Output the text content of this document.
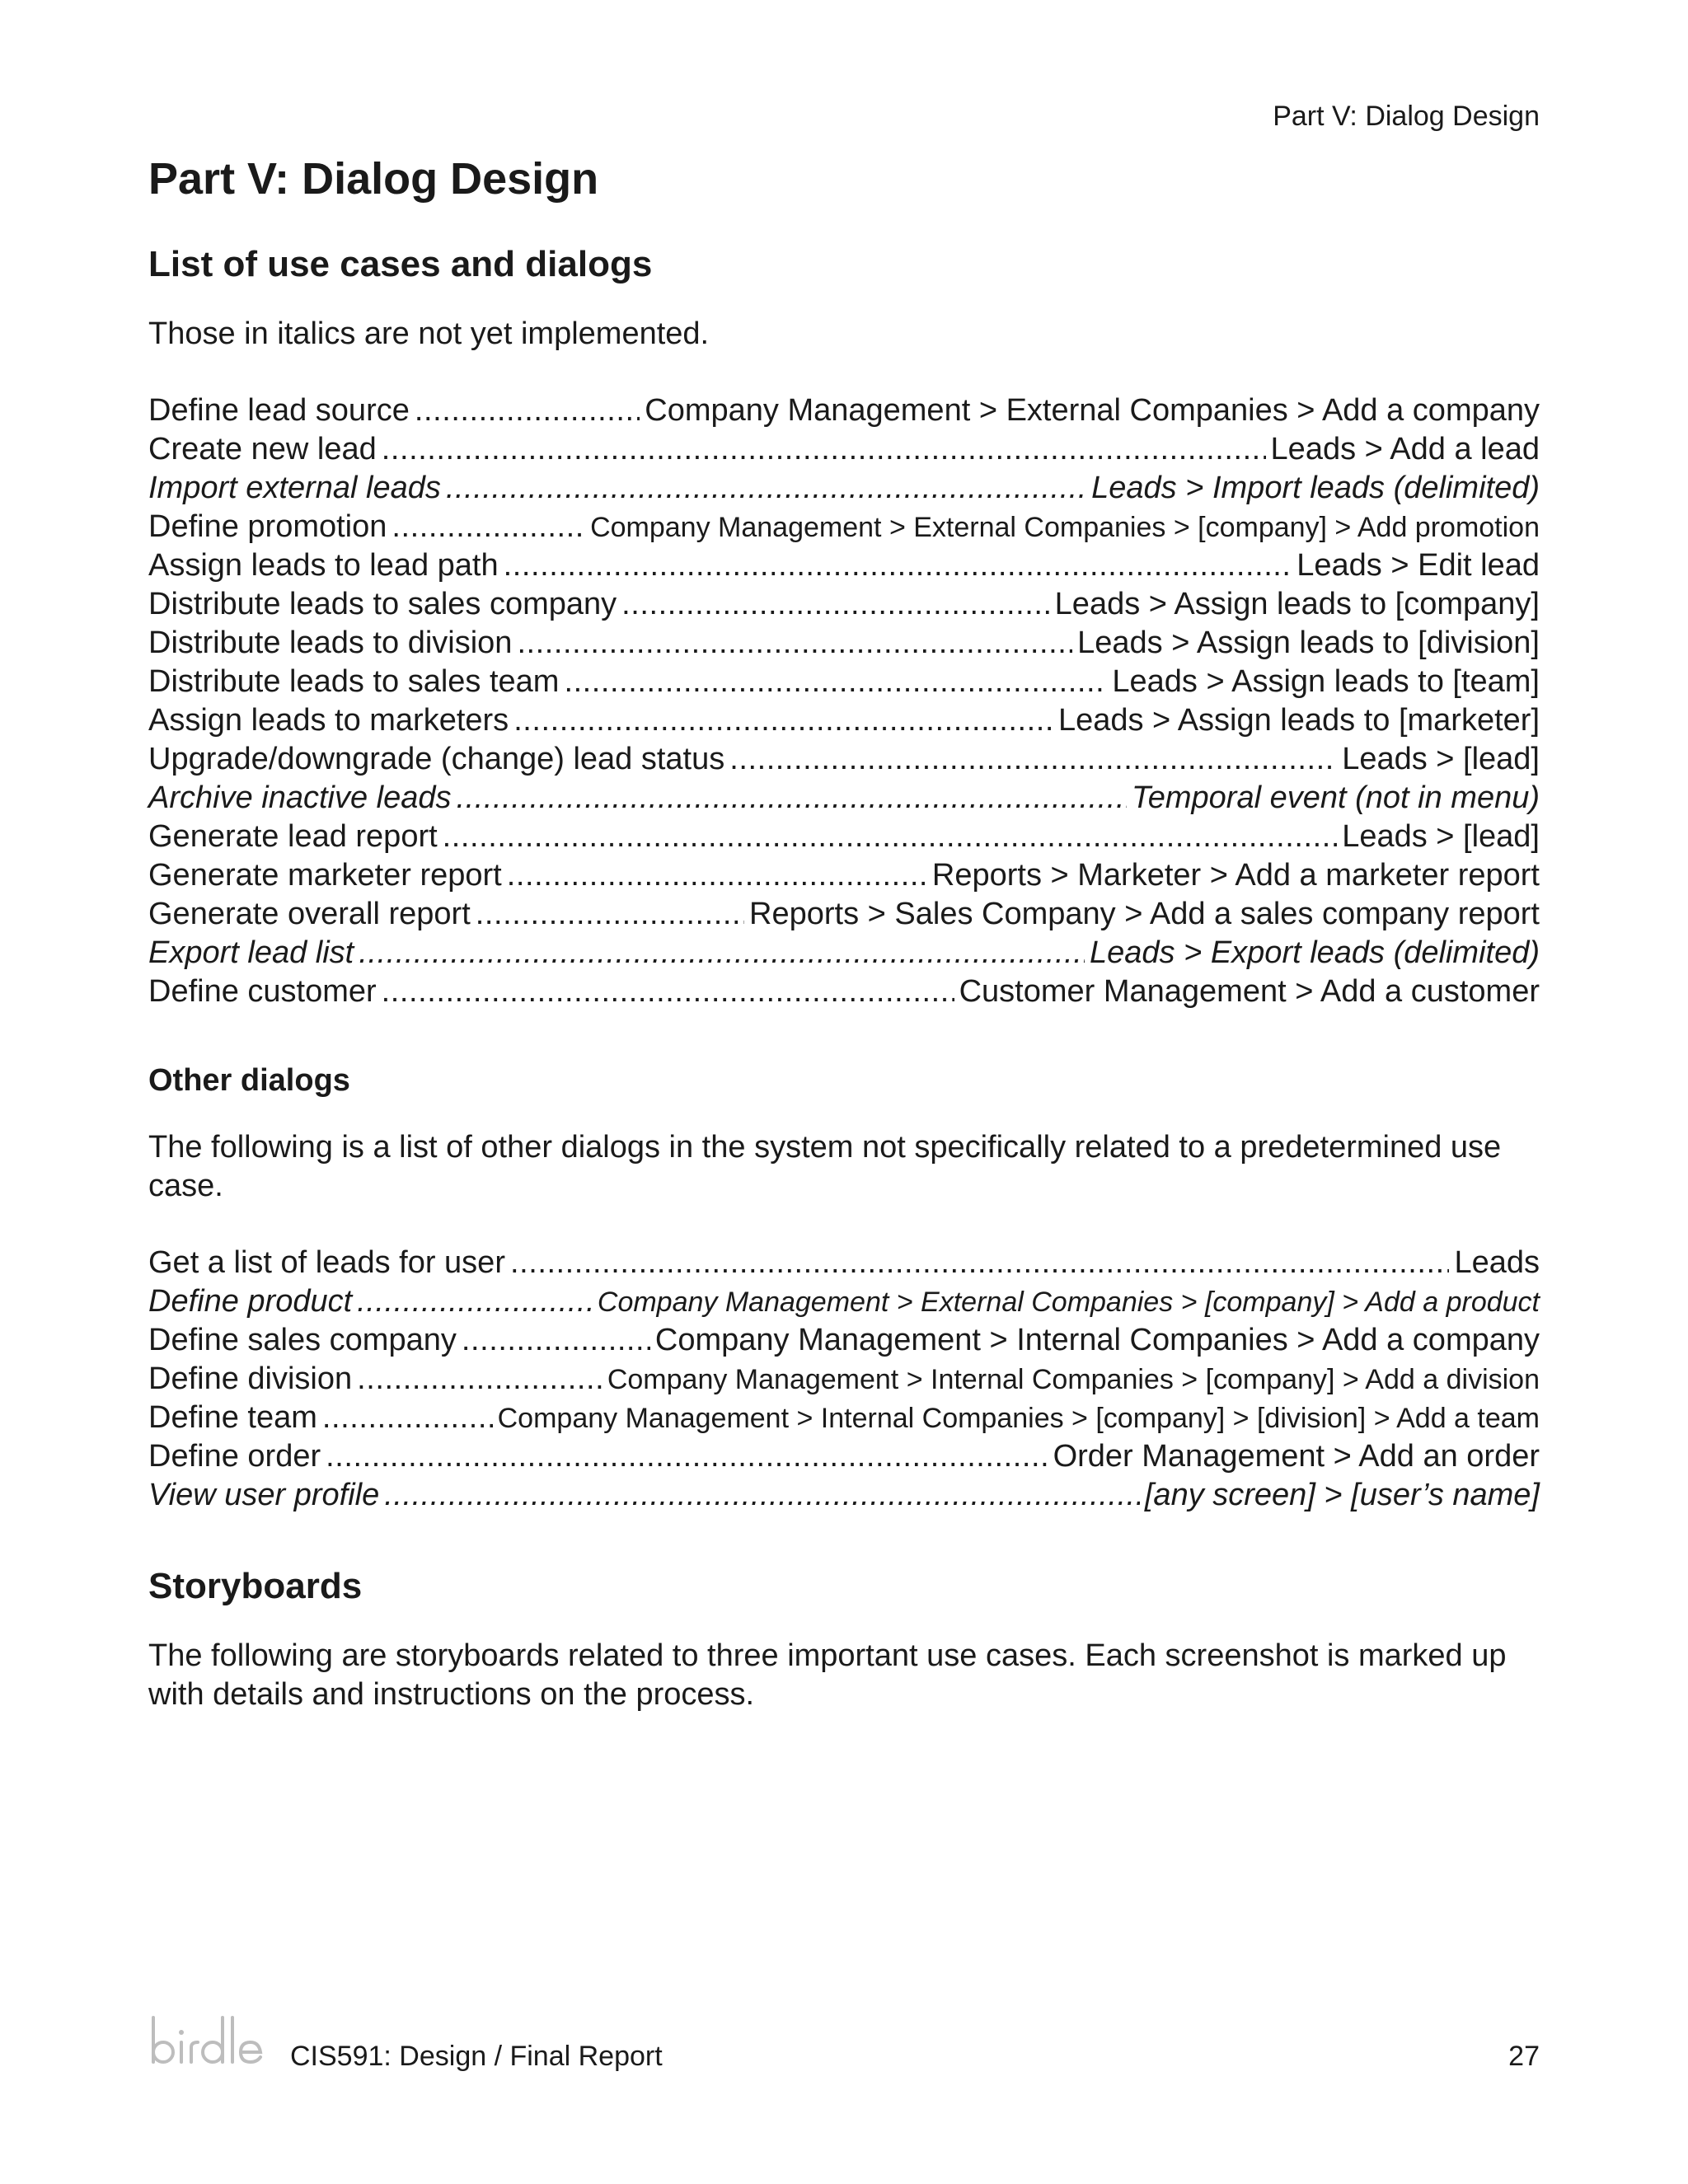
Part V: Dialog Design
Part V: Dialog Design
List of use cases and dialogs

Those in italics are not yet implemented.

Define lead source . . .	Company Management > External Companies > Add a company
Create new lead . . .	Leads > Add a lead
Import external leads . . .	Leads > Import leads (delimited)
Define promotion . . .	Company Management > External Companies > [company] > Add promotion
Assign leads to lead path . . .	Leads > Edit lead
Distribute leads to sales company . . .	Leads > Assign leads to [company]
Distribute leads to division . . .	Leads > Assign leads to [division]
Distribute leads to sales team . . .	Leads > Assign leads to [team]
Assign leads to marketers . . .	Leads > Assign leads to [marketer]
Upgrade/downgrade (change) lead status . . .	Leads > [lead]
Archive inactive leads . . .	Temporal event (not in menu)
Generate lead report . . .	Leads > [lead]
Generate marketer report . . .	Reports > Marketer > Add a marketer report
Generate overall report . . .	Reports > Sales Company > Add a sales company report
Export lead list . . .	Leads > Export leads (delimited)
Define customer . . .	Customer Management > Add a customer
Other dialogs

The following is a list of other dialogs in the system not specifically related to a predetermined use case.

Get a list of leads for user . . .	Leads
Define product . . .	Company Management > External Companies > [company] > Add a product
Define sales company . . .	Company Management > Internal Companies > Add a company
Define division . . .	Company Management > Internal Companies > [company] > Add a division
Define team . . .	Company Management > Internal Companies > [company] > [division] > Add a team
Define order . . .	Order Management > Add an order
View user profile . . .	[any screen] > [user’s name]
Storyboards

The following are storyboards related to three important use cases. Each screenshot is marked up with details and instructions on the process.

CIS591: Design / Final Report	27
